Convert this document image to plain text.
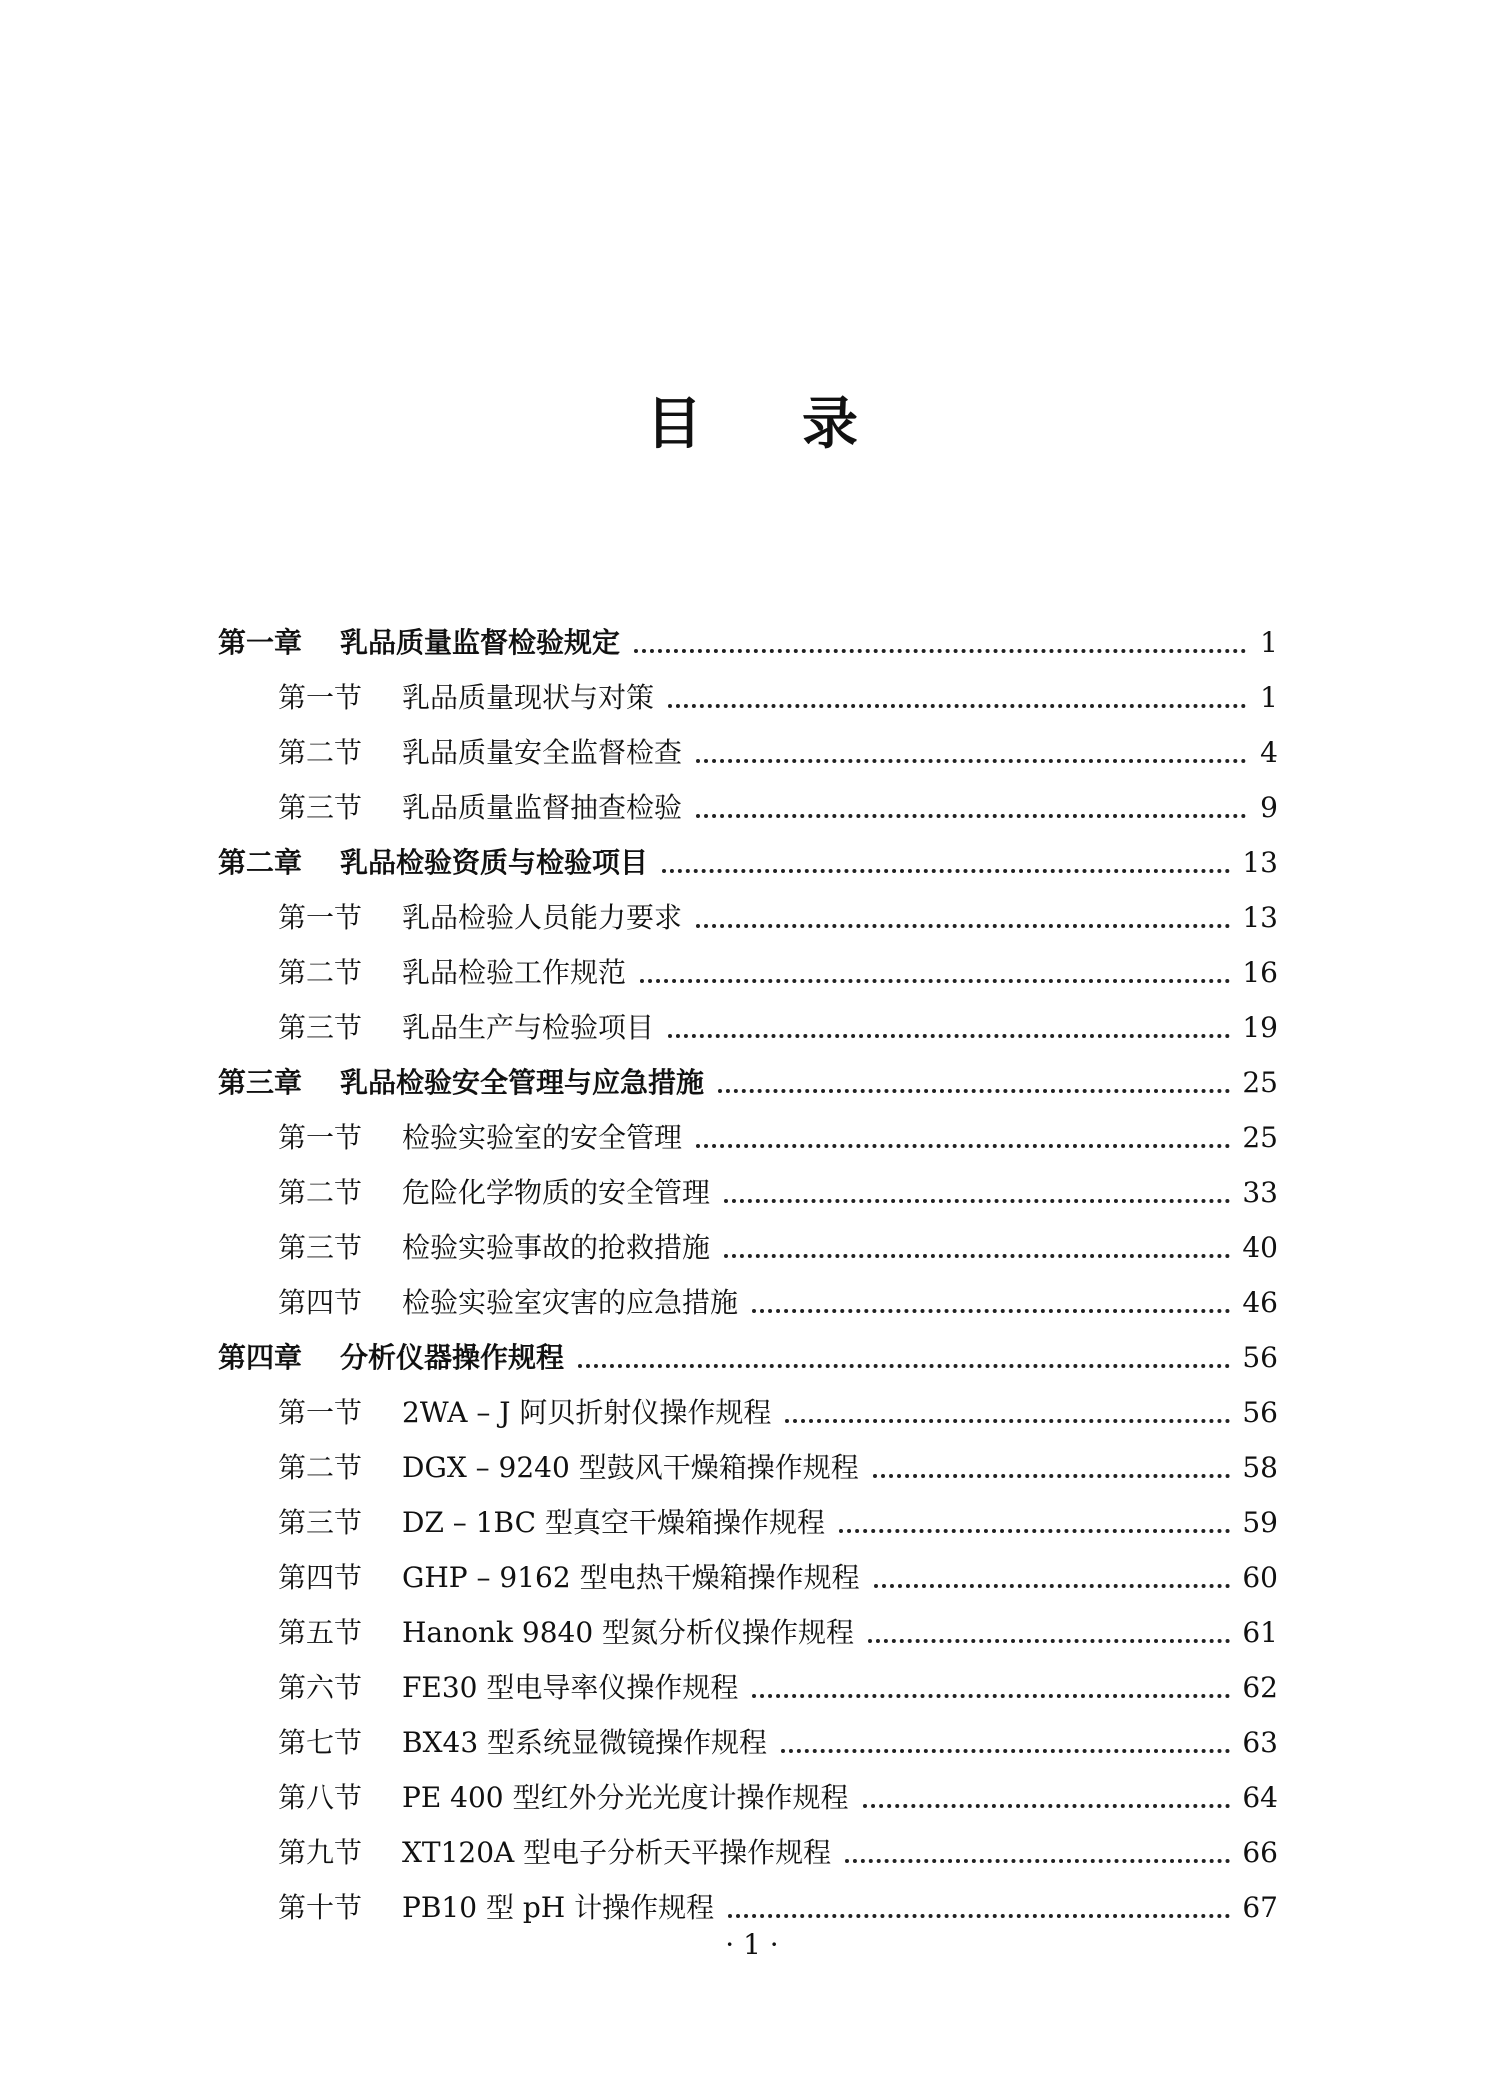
目 录
第一章	乳品质量监督检验规定	1
第一节	乳品质量现状与对策	1
第二节	乳品质量安全监督检查	4
第三节	乳品质量监督抽查检验	9
第二章	乳品检验资质与检验项目	13
第一节	乳品检验人员能力要求	13
第二节	乳品检验工作规范	16
第三节	乳品生产与检验项目	19
第三章	乳品检验安全管理与应急措施	25
第一节	检验实验室的安全管理	25
第二节	危险化学物质的安全管理	33
第三节	检验实验事故的抢救措施	40
第四节	检验实验室灾害的应急措施	46
第四章	分析仪器操作规程	56
第一节	2WA – J 阿贝折射仪操作规程	56
第二节	DGX – 9240 型鼓风干燥箱操作规程	58
第三节	DZ – 1BC 型真空干燥箱操作规程	59
第四节	GHP – 9162 型电热干燥箱操作规程	60
第五节	Hanonk 9840 型氮分析仪操作规程	61
第六节	FE30 型电导率仪操作规程	62
第七节	BX43 型系统显微镜操作规程	63
第八节	PE 400 型红外分光光度计操作规程	64
第九节	XT120A 型电子分析天平操作规程	66
第十节	PB10 型 pH 计操作规程	67
· 1 ·
